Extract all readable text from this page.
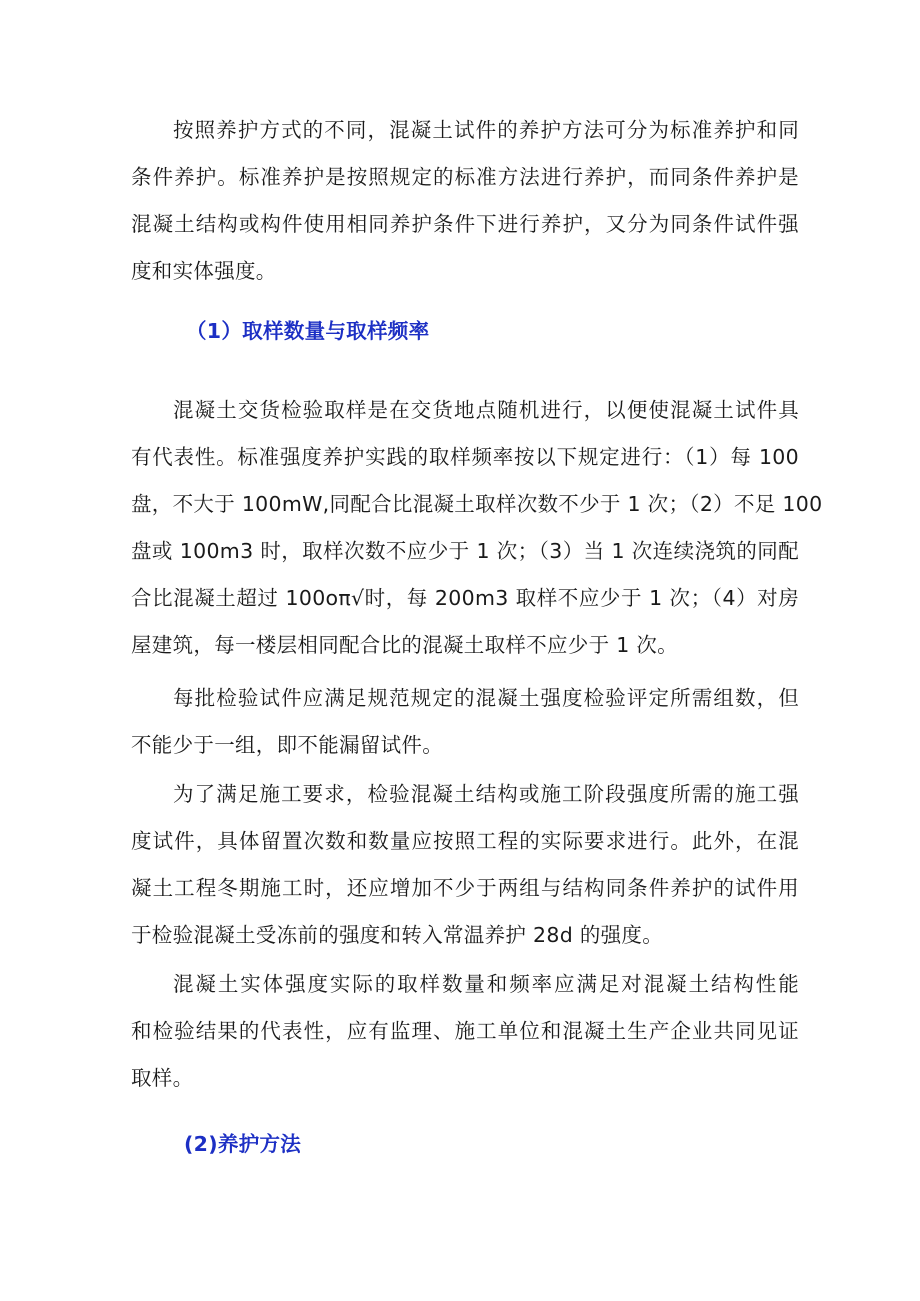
按照养护方式的不同，混凝土试件的养护方法可分为标准养护和同
条件养护。标准养护是按照规定的标准方法进行养护，而同条件养护是
混凝土结构或构件使用相同养护条件下进行养护，又分为同条件试件强
度和实体强度。

（1）取样数量与取样频率

混凝土交货检验取样是在交货地点随机进行，以便使混凝土试件具
有代表性。标准强度养护实践的取样频率按以下规定进行：（1）每 100
盘，不大于 100mW,同配合比混凝土取样次数不少于 1 次；（2）不足 100
盘或 100m3 时，取样次数不应少于 1 次；（3）当 1 次连续浇筑的同配
合比混凝土超过 100oπ√时，每 200m3 取样不应少于 1 次；（4）对房
屋建筑，每一楼层相同配合比的混凝土取样不应少于 1 次。

每批检验试件应满足规范规定的混凝土强度检验评定所需组数，但
不能少于一组，即不能漏留试件。

为了满足施工要求，检验混凝土结构或施工阶段强度所需的施工强
度试件，具体留置次数和数量应按照工程的实际要求进行。此外，在混
凝土工程冬期施工时，还应增加不少于两组与结构同条件养护的试件用
于检验混凝土受冻前的强度和转入常温养护 28d 的强度。

混凝土实体强度实际的取样数量和频率应满足对混凝土结构性能
和检验结果的代表性，应有监理、施工单位和混凝土生产企业共同见证
取样。

(2)养护方法
